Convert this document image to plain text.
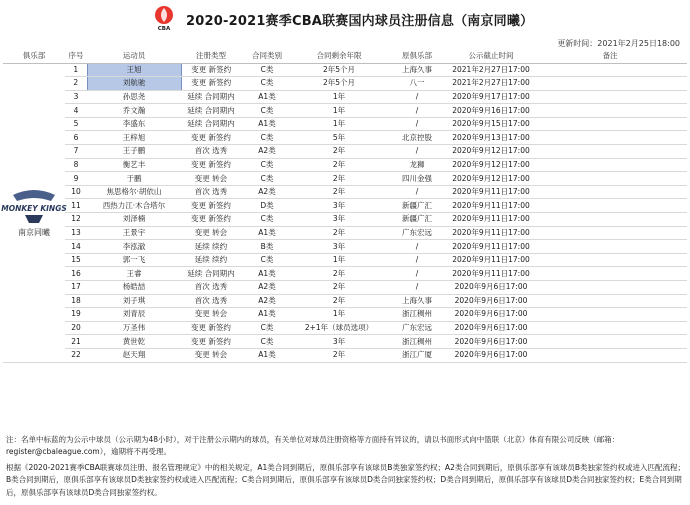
CBA 2020-2021赛季CBA联赛国内球员注册信息（南京同曦）
更新时间：2021年2月25日18:00
俱乐部	序号	运动员	注册类型	合同类别	合同剩余年限	原俱乐部	公示截止时间	备注

MONKEY KINGS
南京同曦	1	王旭	变更 新签约	C类	2年5个月	上海久事	2021年2月27日17:00	
	2	刘航驰	变更 新签约	C类	2年5个月	八一	2021年2月27日17:00	
	3	孙思尧	延续 合同期内	A1类	1年	/	2020年9月17日17:00	
	4	乔文瀚	延续 合同期内	C类	1年	/	2020年9月16日17:00	
	5	李盛东	延续 合同期内	A1类	1年	/	2020年9月15日17:00	
	6	王梓旭	变更 新签约	C类	5年	北京控股	2020年9月13日17:00	
	7	王子鹏	首次 选秀	A2类	2年	/	2020年9月12日17:00	
	8	衡艺丰	变更 新签约	C类	2年	龙狮	2020年9月12日17:00	
	9	于鹏	变更 转会	C类	2年	四川金强	2020年9月12日17:00	
	10	焦思格尔·胡依山	首次 选秀	A2类	2年	/	2020年9月11日17:00	
	11	西热力江·木合塔尔	变更 新签约	D类	3年	新疆广汇	2020年9月11日17:00	
	12	刘泽楠	变更 新签约	C类	3年	新疆广汇	2020年9月11日17:00	
	13	王景宇	变更 转会	A1类	2年	广东宏远	2020年9月11日17:00	
	14	李泓澈	延续 续约	B类	3年	/	2020年9月11日17:00	
	15	郭一飞	延续 续约	C类	1年	/	2020年9月11日17:00	
	16	王睿	延续 合同期内	A1类	2年	/	2020年9月11日17:00	
	17	杨皓喆	首次 选秀	A2类	2年	/	2020年9月6日17:00	
	18	刘子琪	首次 选秀	A2类	2年	上海久事	2020年9月6日17:00	
	19	刘青辰	变更 转会	A1类	1年	浙江稠州	2020年9月6日17:00	
	20	万圣伟	变更 新签约	C类	2+1年（球员选项）	广东宏远	2020年9月6日17:00	
	21	黄世乾	变更 新签约	C类	3年	浙江稠州	2020年9月6日17:00	
	22	赵天翔	变更 转会	A1类	2年	浙江广厦	2020年9月6日17:00	

注：名单中标蓝的为公示中球员（公示期为48小时），对于注册公示期内的球员，有关单位对球员注册资格等方面持有异议的，请以书面形式向中篮联（北京）体育有限公司反映（邮箱：register@cbaleague.com），逾期将不再受理。

根据《2020-2021赛季CBA联赛球员注册、报名管理规定》中的相关规定，A1类合同到期后，原俱乐部享有该球员B类独家签约权；A2类合同到期后，原俱乐部享有该球员B类独家签约权或进入匹配流程；B类合同到期后，原俱乐部享有该球员D类独家签约权或进入匹配流程；C类合同到期后，原俱乐部享有该球员D类合同独家签约权；D类合同到期后，原俱乐部享有该球员D类合同独家签约权；E类合同到期后，原俱乐部享有该球员D类合同独家签约权。
